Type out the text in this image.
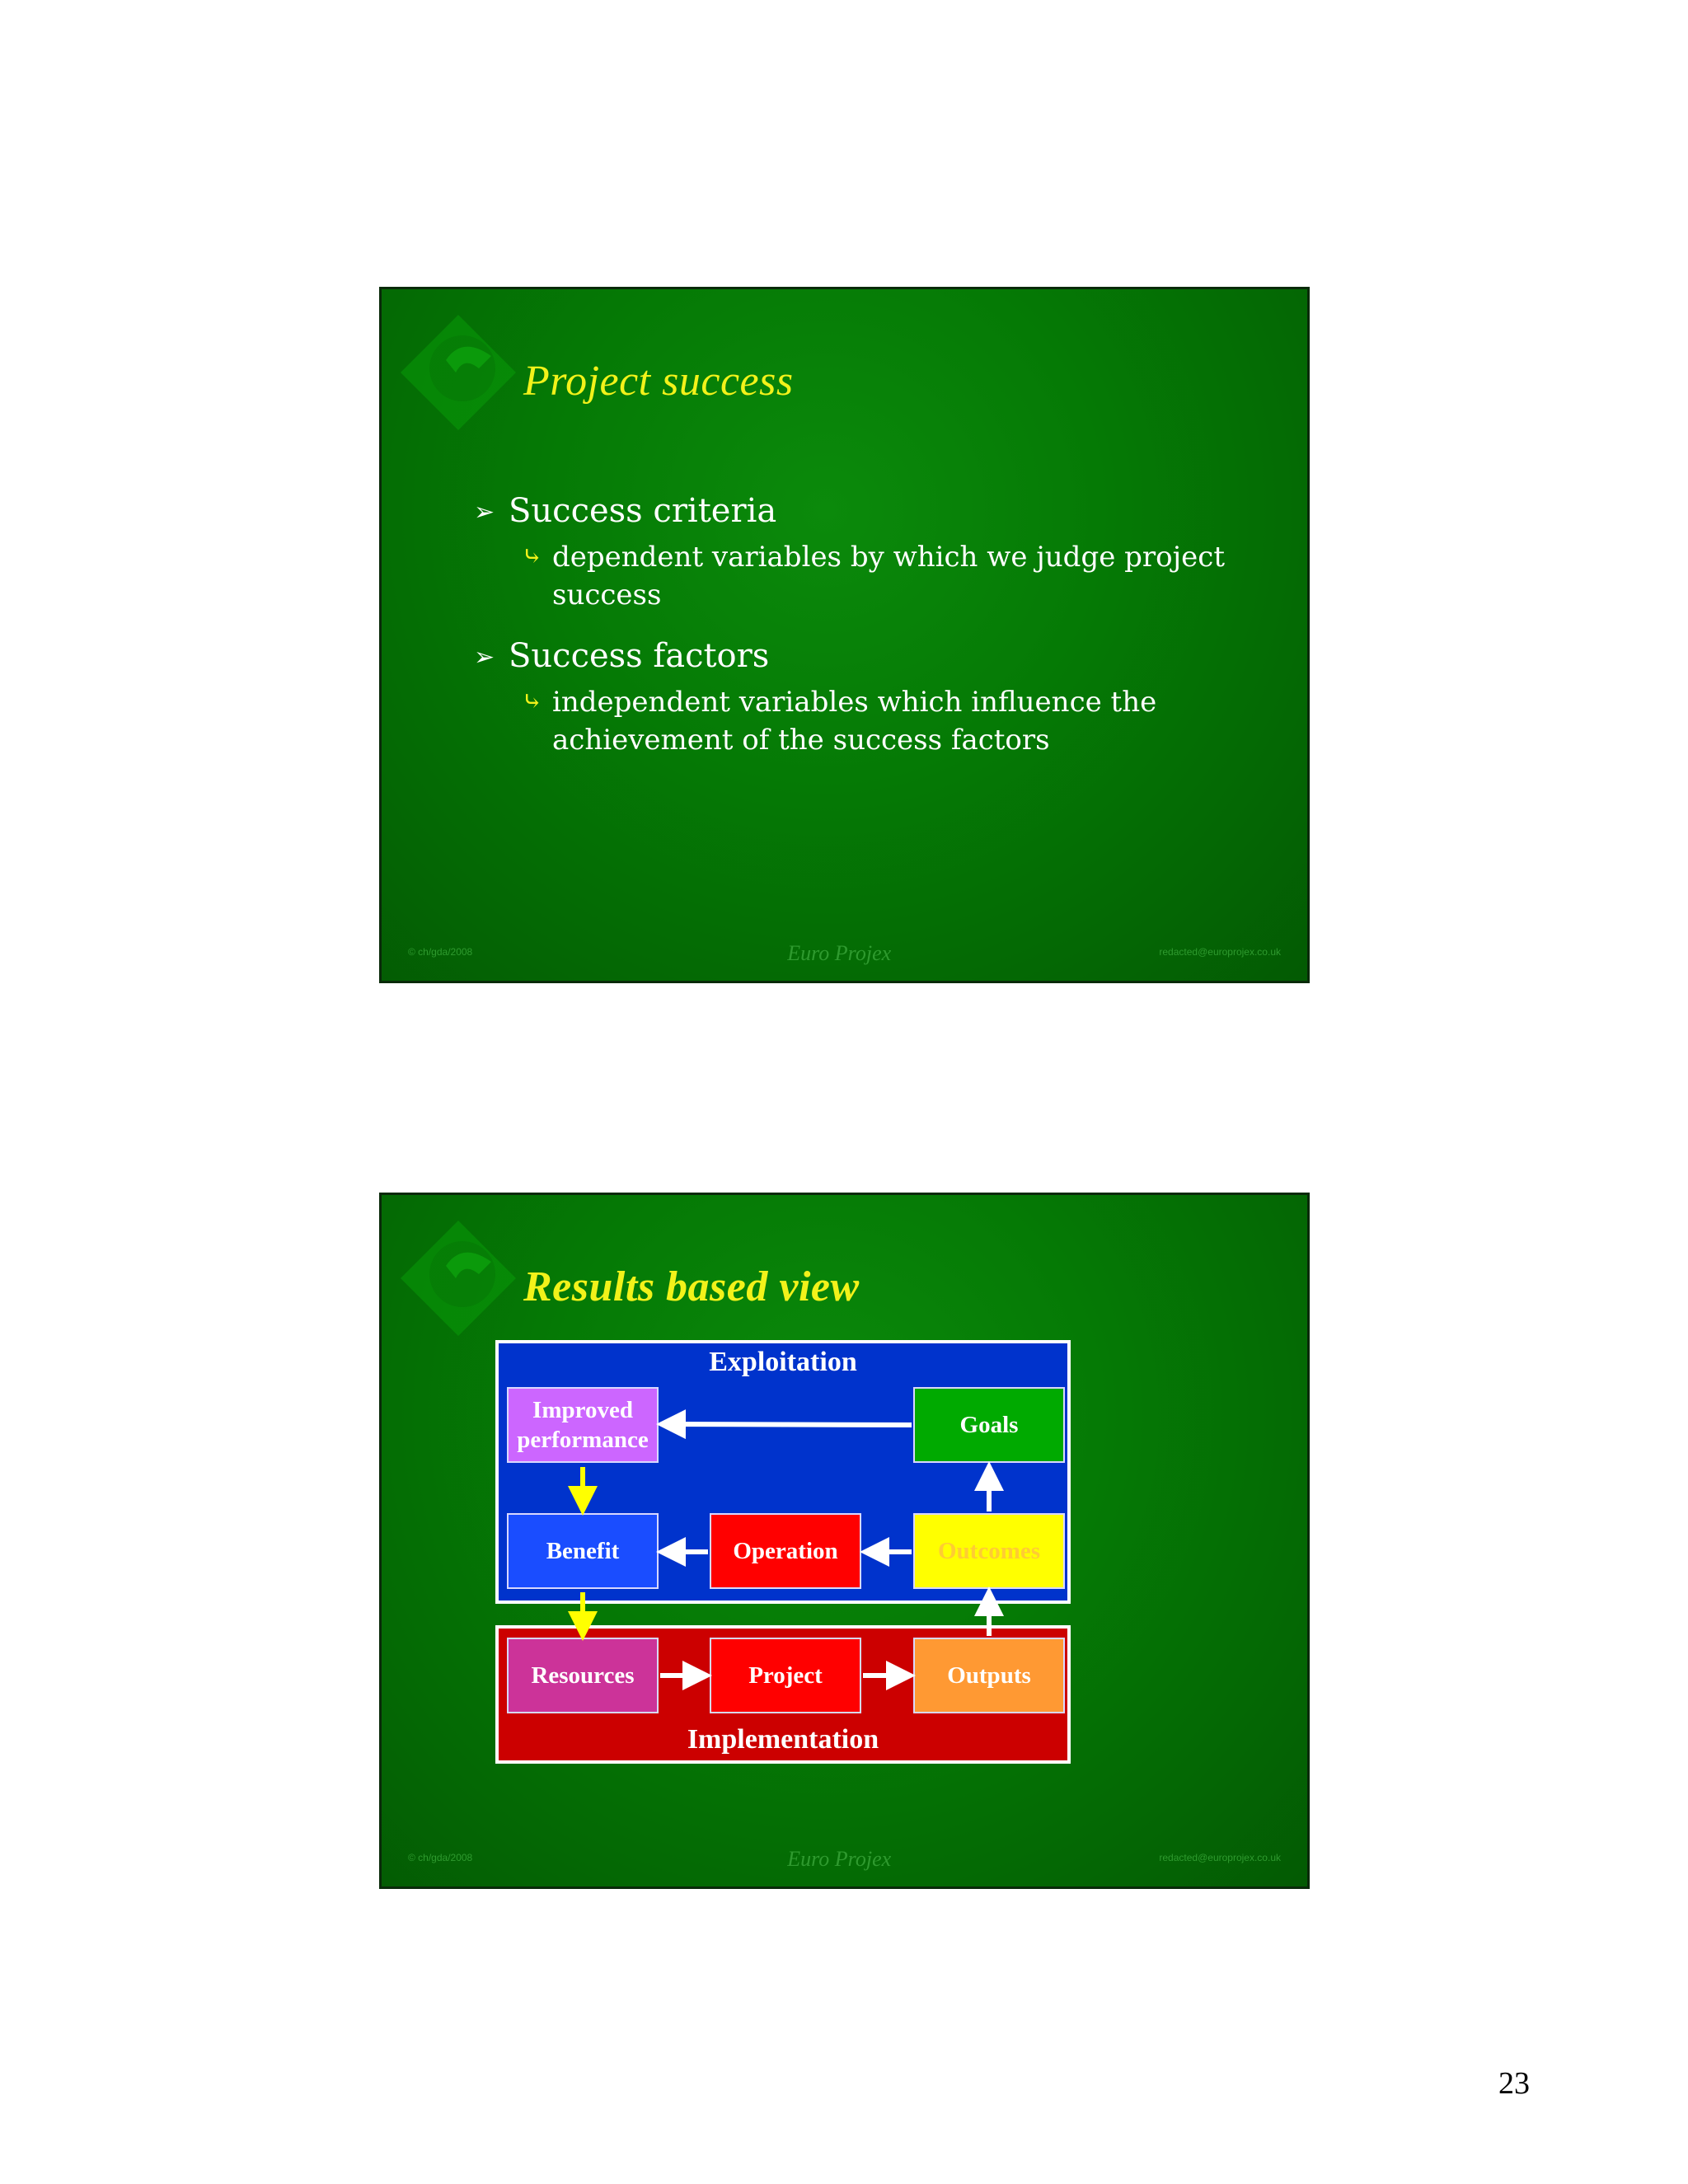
Project success
➢ Success criteria
⤷ dependent variables by which we judge project success
➢ Success factors
⤷ independent variables which influence the achievement of the success factors
© ch/gda/2008	Euro Projex	redacted@europrojex.co.uk
Results based view
Exploitation
Implementation
Improved performance
Goals
Benefit	Operation	Outcomes
Resources	Project	Outputs
© ch/gda/2008	Euro Projex	redacted@europrojex.co.uk
23
